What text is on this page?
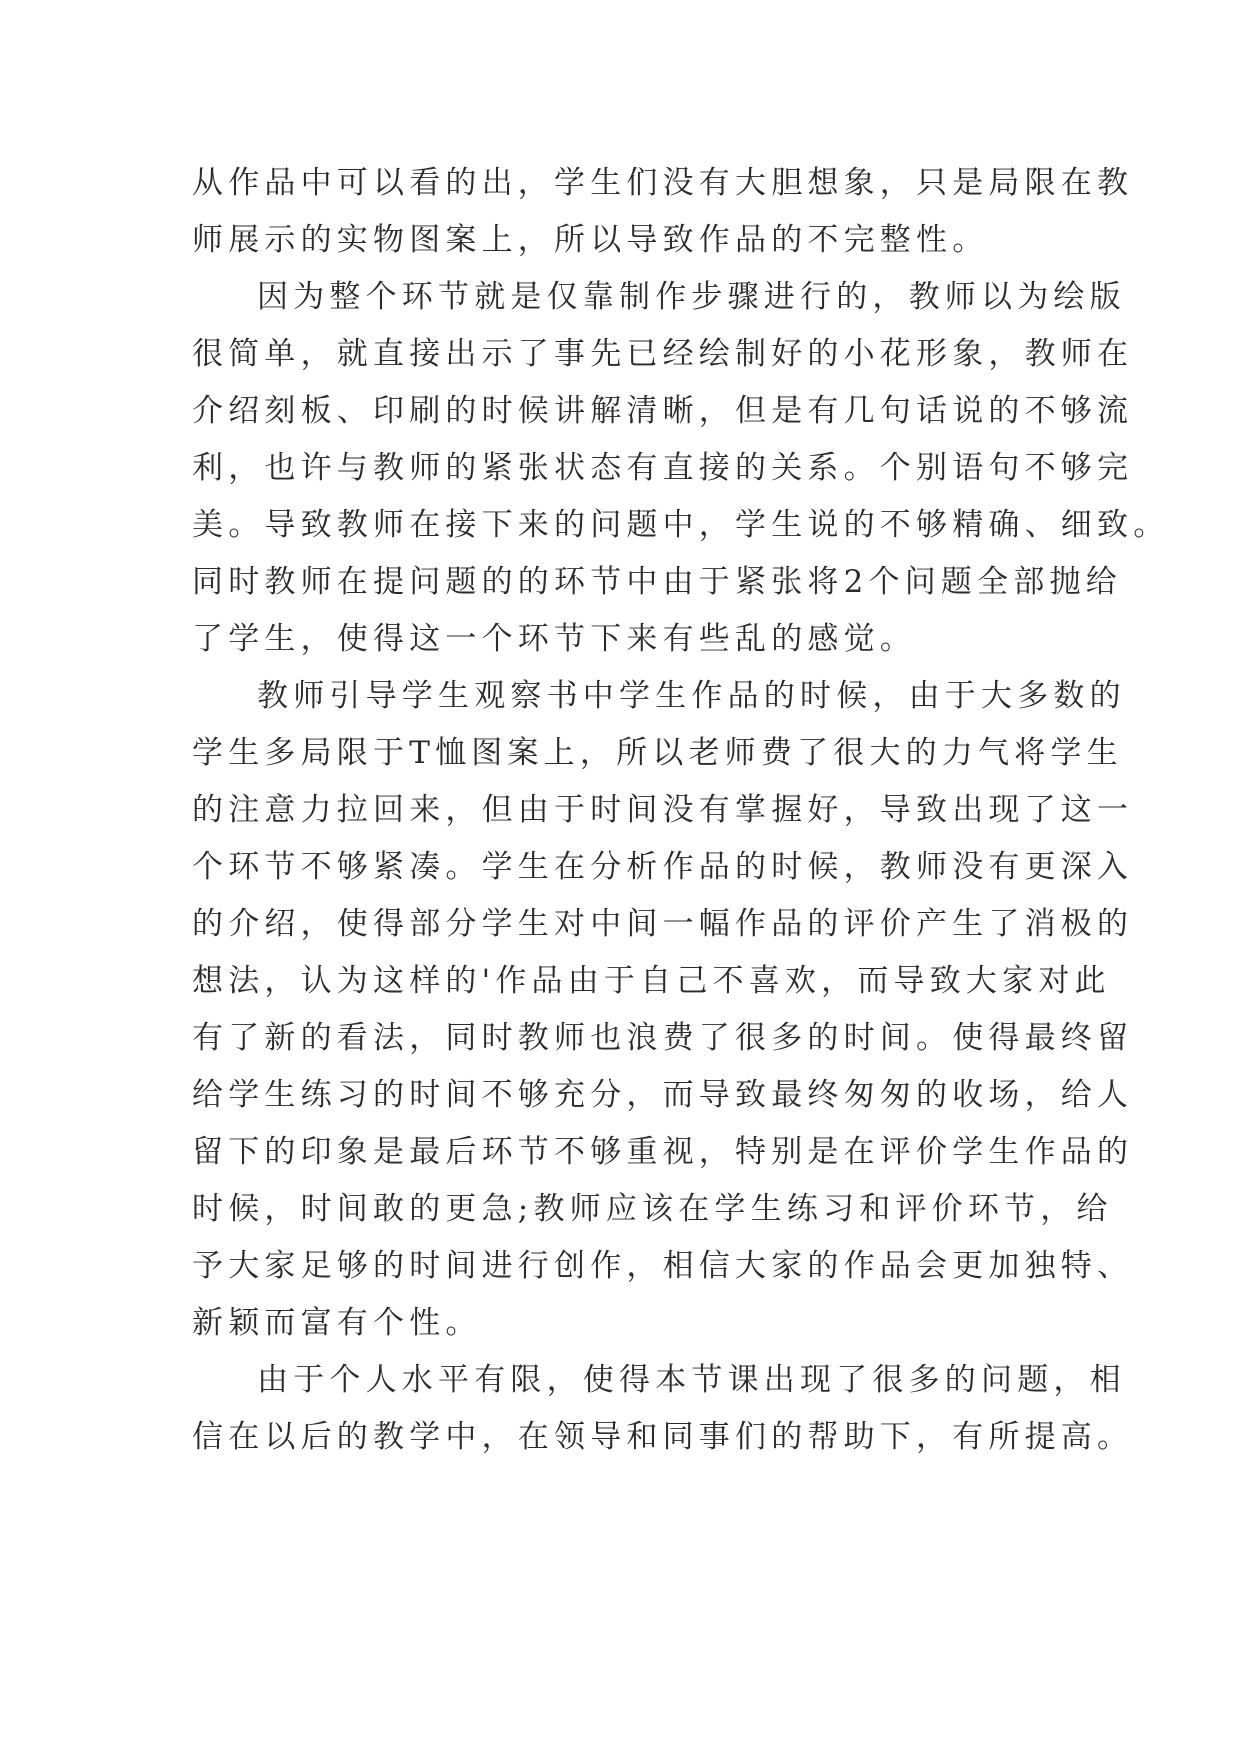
从作品中可以看的出，学生们没有大胆想象，只是局限在教
师展示的实物图案上，所以导致作品的不完整性。
因为整个环节就是仅靠制作步骤进行的，教师以为绘版
很简单，就直接出示了事先已经绘制好的小花形象，教师在
介绍刻板、印刷的时候讲解清晰，但是有几句话说的不够流
利，也许与教师的紧张状态有直接的关系。个别语句不够完
美。导致教师在接下来的问题中，学生说的不够精确、细致。
同时教师在提问题的的环节中由于紧张将2个问题全部抛给
了学生，使得这一个环节下来有些乱的感觉。
教师引导学生观察书中学生作品的时候，由于大多数的
学生多局限于T恤图案上，所以老师费了很大的力气将学生
的注意力拉回来，但由于时间没有掌握好，导致出现了这一
个环节不够紧凑。学生在分析作品的时候，教师没有更深入
的介绍，使得部分学生对中间一幅作品的评价产生了消极的
想法，认为这样的'作品由于自己不喜欢，而导致大家对此
有了新的看法，同时教师也浪费了很多的时间。使得最终留
给学生练习的时间不够充分，而导致最终匆匆的收场，给人
留下的印象是最后环节不够重视，特别是在评价学生作品的
时候，时间敢的更急;教师应该在学生练习和评价环节，给
予大家足够的时间进行创作，相信大家的作品会更加独特、
新颖而富有个性。
由于个人水平有限，使得本节课出现了很多的问题，相
信在以后的教学中，在领导和同事们的帮助下，有所提高。
